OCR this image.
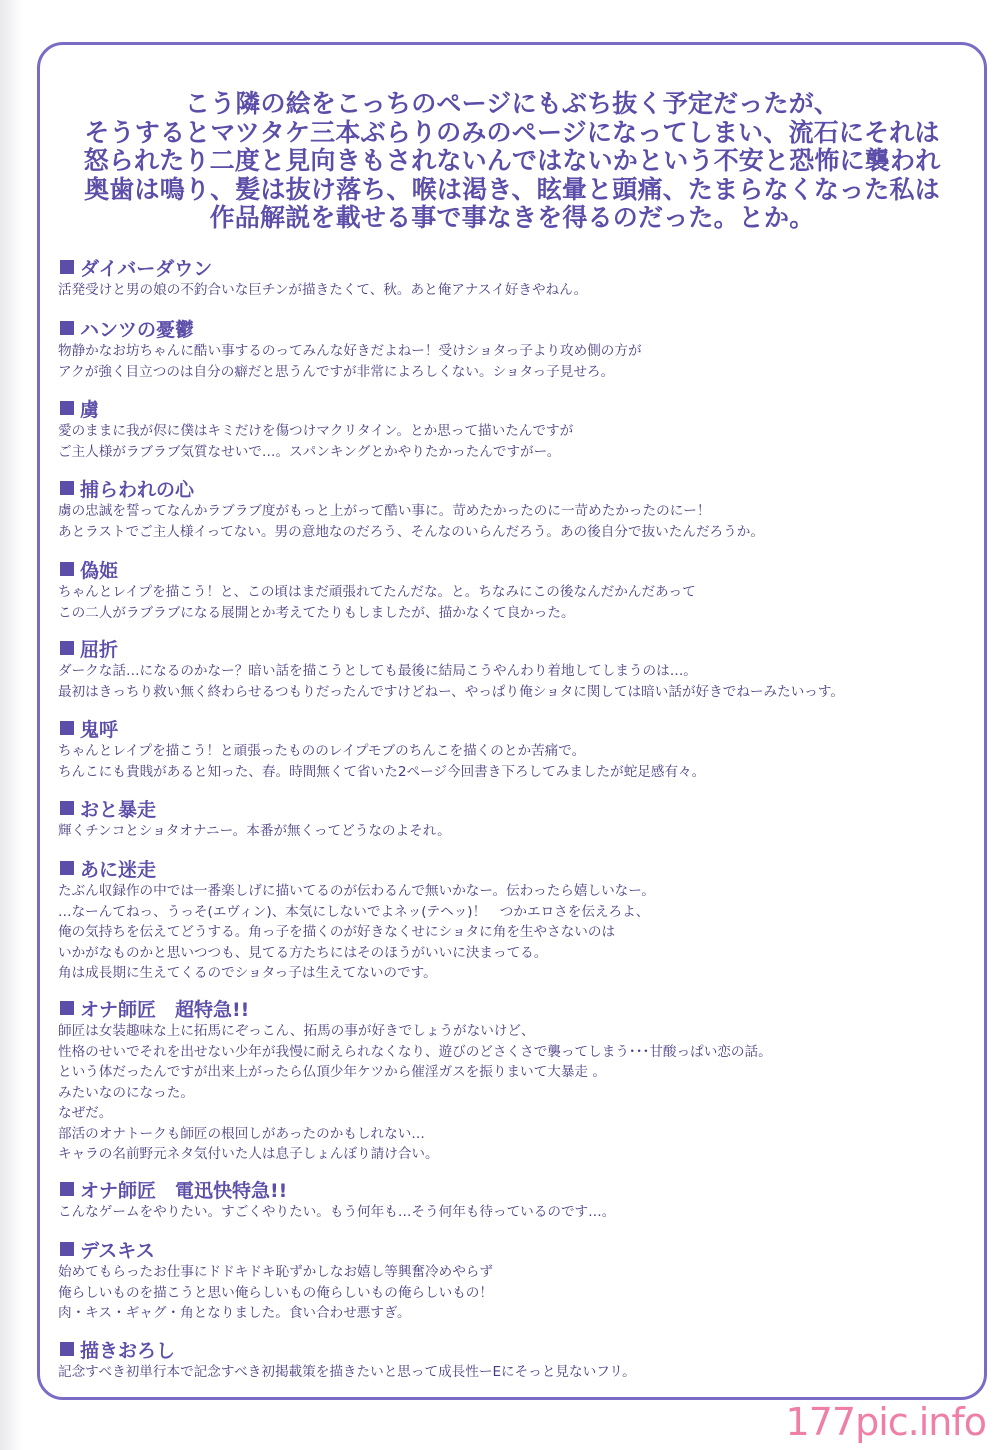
こう隣の絵をこっちのページにもぶち抜く予定だったが、
そうするとマツタケ三本ぶらりのみのページになってしまい、流石にそれは
怒られたり二度と見向きもされないんではないかという不安と恐怖に襲われ
奥歯は鳴り、髪は抜け落ち、喉は渇き、眩暈と頭痛、たまらなくなった私は
作品解説を載せる事で事なきを得るのだった。とか。
ダイバーダウン
活発受けと男の娘の不釣合いな巨チンが描きたくて、秋。あと俺アナスイ好きやねん。
ハンツの憂鬱
物静かなお坊ちゃんに酷い事するのってみんな好きだよねー！受けショタっ子より攻め側の方が
アクが強く目立つのは自分の癖だと思うんですが非常によろしくない。ショタっ子見せろ。
虜
愛のままに我が侭に僕はキミだけを傷つけマクリタイン。とか思って描いたんですが
ご主人様がラブラブ気質なせいで…。スパンキングとかやりたかったんですがー。
捕らわれの心
虜の忠誠を誓ってなんかラブラブ度がもっと上がって酷い事に。苛めたかったのに一苛めたかったのにー！
あとラストでご主人様イってない。男の意地なのだろう、そんなのいらんだろう。あの後自分で抜いたんだろうか。
偽姫
ちゃんとレイプを描こう！と、この頃はまだ頑張れてたんだな。と。ちなみにこの後なんだかんだあって
この二人がラブラブになる展開とか考えてたりもしましたが、描かなくて良かった。
屈折
ダークな話…になるのかなー？暗い話を描こうとしても最後に結局こうやんわり着地してしまうのは…。
最初はきっちり救い無く終わらせるつもりだったんですけどねー、やっぱり俺ショタに関しては暗い話が好きでねーみたいっす。
鬼呼
ちゃんとレイプを描こう！と頑張ったもののレイプモブのちんこを描くのとか苦痛で。
ちんこにも貴賎があると知った、春。時間無くて省いた2ページ今回書き下ろしてみましたが蛇足感有々。
おと暴走
輝くチンコとショタオナニー。本番が無くってどうなのよそれ。
あに迷走
たぶん収録作の中では一番楽しげに描いてるのが伝わるんで無いかなー。伝わったら嬉しいなー。
…なーんてねっ、うっそ(エヴィン)、本気にしないでよネッ(テヘッ)！　つかエロさを伝えろよ、
俺の気持ちを伝えてどうする。角っ子を描くのが好きなくせにショタに角を生やさないのは
いかがなものかと思いつつも、見てる方たちにはそのほうがいいに決まってる。
角は成長期に生えてくるのでショタっ子は生えてないのです。
オナ師匠　超特急!!
師匠は女装趣味な上に拓馬にぞっこん、拓馬の事が好きでしょうがないけど、
性格のせいでそれを出せない少年が我慢に耐えられなくなり、遊びのどさくさで襲ってしまう･･･甘酸っぱい恋の話。
という体だったんですが出来上がったら仏頂少年ケツから催淫ガスを振りまいて大暴走 。
みたいなのになった。
なぜだ。
部活のオナトークも師匠の根回しがあったのかもしれない…
キャラの名前野元ネタ気付いた人は息子しょんぼり請け合い。
オナ師匠　電迅快特急!!
こんなゲームをやりたい。すごくやりたい。もう何年も…そう何年も待っているのです…。
デスキス
始めてもらったお仕事にドドキドキ恥ずかしなお嬉し等興奮冷めやらず
俺らしいものを描こうと思い俺らしいもの俺らしいもの俺らしいもの！
肉・キス・ギャグ・角となりました。食い合わせ悪すぎ。
描きおろし
記念すべき初単行本で記念すべき初掲載策を描きたいと思って成長性ーEにそっと見ないフリ。
177pic.info
